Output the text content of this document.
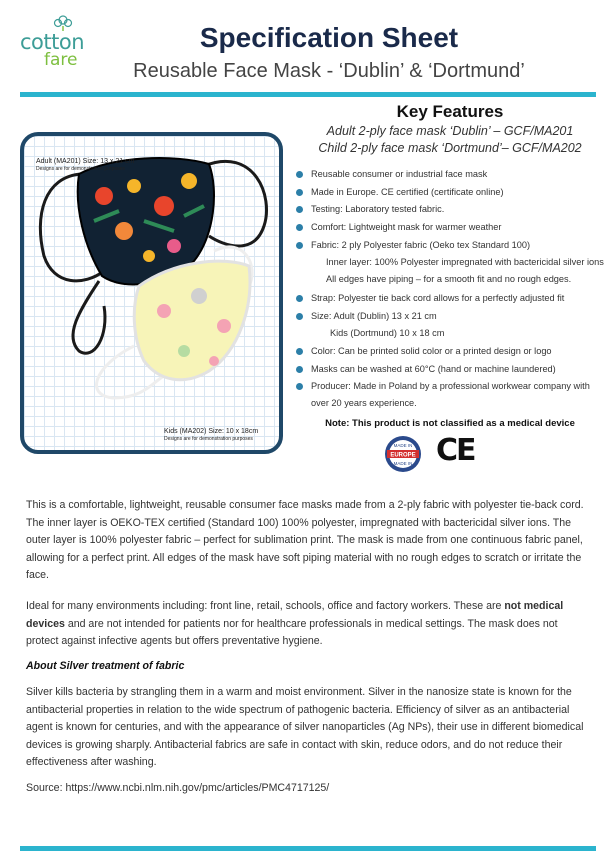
cotton
fare
Specification Sheet
Reusable Face Mask - ‘Dublin’ & ‘Dortmund’
Adult (MA201) Size: 13 x 21 cm
Designs are for demonstration purposes
Kids (MA202) Size: 10 x 18cm
Designs are for demonstration purposes
Key Features
Adult 2-ply face mask ‘Dublin’ – GCF/MA201
Child 2-ply face mask ‘Dortmund’– GCF/MA202
Reusable consumer or industrial face mask
Made in Europe. CE certified (certificate online)
Testing: Laboratory tested fabric.
Comfort: Lightweight mask for warmer weather
Fabric: 2 ply Polyester fabric (Oeko tex Standard 100)
Inner layer: 100% Polyester impregnated with bactericidal silver ions
All edges have piping – for a smooth fit and no rough edges.
Strap: Polyester tie back cord allows for a perfectly adjusted fit
Size: Adult (Dublin) 13 x 21 cm
Kids (Dortmund) 10 x 18 cm
Color: Can be printed solid color or a printed design or logo
Masks can be washed at 60°C (hand or machine laundered)
Producer: Made in Poland by a professional workwear company with
over 20 years experience.
Note: This product is not classified as a medical device
MADE IN
EUROPE
MADE IN CE
This is a comfortable, lightweight, reusable consumer face masks made from a 2-ply fabric with polyester tie-back cord. The inner layer is OEKO-TEX certified (Standard 100) 100% polyester, impregnated with bactericidal silver ions. The outer layer is 100% polyester fabric – perfect for sublimation print. The mask is made from one continuous fabric panel, allowing for a perfect print. All edges of the mask have soft piping material with no rough edges to scratch or irritate the face.
Ideal for many environments including: front line, retail, schools, office and factory workers. These are not medical devices and are not intended for patients nor for healthcare professionals in medical settings. The mask does not protect against infective agents but offers preventative hygiene.
About Silver treatment of fabric
Silver kills bacteria by strangling them in a warm and moist environment. Silver in the nanosize state is known for the antibacterial properties in relation to the wide spectrum of pathogenic bacteria. Efficiency of silver as an antibacterial agent is known for centuries, and with the appearance of silver nanoparticles (Ag NPs), their use in different biomedical devices is growing sharply. Antibacterial fabrics are safe in contact with skin, reduce odors, and do not reduce their effectiveness after washing.
Source: https://www.ncbi.nlm.nih.gov/pmc/articles/PMC4717125/
